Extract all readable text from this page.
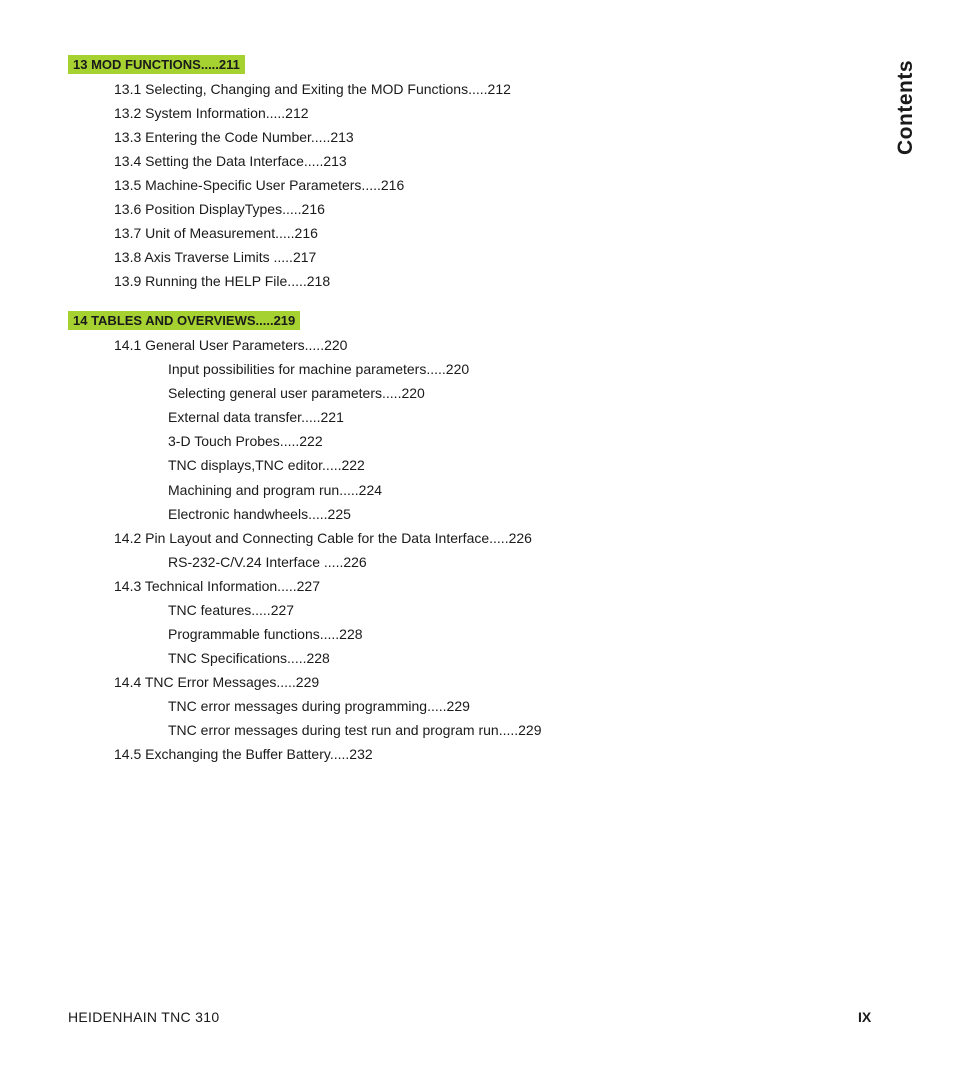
Contents
13 MOD FUNCTIONS.....211
13.1 Selecting, Changing and Exiting the MOD Functions.....212
13.2 System Information.....212
13.3 Entering the Code Number.....213
13.4 Setting the Data Interface.....213
13.5 Machine-Specific User Parameters.....216
13.6 Position DisplayTypes.....216
13.7 Unit of Measurement.....216
13.8 Axis Traverse Limits .....217
13.9 Running the HELP File.....218
14 TABLES AND OVERVIEWS.....219
14.1 General User Parameters.....220
Input possibilities for machine parameters.....220
Selecting general user parameters.....220
External data transfer.....221
3-D Touch Probes.....222
TNC displays,TNC editor.....222
Machining and program run.....224
Electronic handwheels.....225
14.2 Pin Layout and Connecting Cable for the Data Interface.....226
RS-232-C/V.24 Interface .....226
14.3 Technical Information.....227
TNC features.....227
Programmable functions.....228
TNC Specifications.....228
14.4 TNC Error Messages.....229
TNC error messages during programming.....229
TNC error messages during test run and program run.....229
14.5 Exchanging the Buffer Battery.....232
HEIDENHAIN TNC 310	IX
